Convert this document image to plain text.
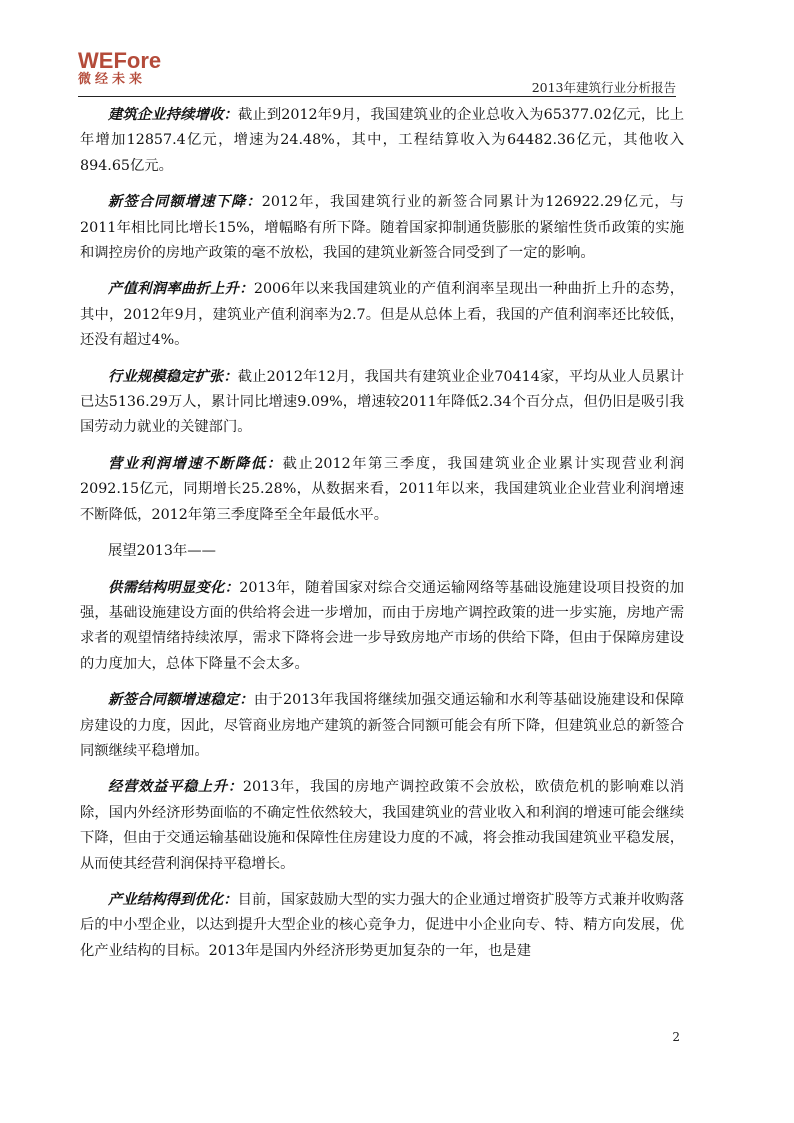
WEFore
微经未来
2013年建筑行业分析报告

建筑企业持续增收：截止到2012年9月，我国建筑业的企业总收入为65377.02亿元，比上年增加12857.4亿元，增速为24.48%，其中，工程结算收入为64482.36亿元，其他收入894.65亿元。

新签合同额增速下降：2012年，我国建筑行业的新签合同累计为126922.29亿元，与2011年相比同比增长15%，增幅略有所下降。随着国家抑制通货膨胀的紧缩性货币政策的实施和调控房价的房地产政策的毫不放松，我国的建筑业新签合同受到了一定的影响。

产值利润率曲折上升：2006年以来我国建筑业的产值利润率呈现出一种曲折上升的态势，其中，2012年9月，建筑业产值利润率为2.7。但是从总体上看，我国的产值利润率还比较低，还没有超过4%。

行业规模稳定扩张：截止2012年12月，我国共有建筑业企业70414家，平均从业人员累计已达5136.29万人，累计同比增速9.09%，增速较2011年降低2.34个百分点，但仍旧是吸引我国劳动力就业的关键部门。

营业利润增速不断降低：截止2012年第三季度，我国建筑业企业累计实现营业利润2092.15亿元，同期增长25.28%，从数据来看，2011年以来，我国建筑业企业营业利润增速不断降低，2012年第三季度降至全年最低水平。

展望2013年——

供需结构明显变化：2013年，随着国家对综合交通运输网络等基础设施建设项目投资的加强，基础设施建设方面的供给将会进一步增加，而由于房地产调控政策的进一步实施，房地产需求者的观望情绪持续浓厚，需求下降将会进一步导致房地产市场的供给下降，但由于保障房建设的力度加大，总体下降量不会太多。

新签合同额增速稳定：由于2013年我国将继续加强交通运输和水利等基础设施建设和保障房建设的力度，因此，尽管商业房地产建筑的新签合同额可能会有所下降，但建筑业总的新签合同额继续平稳增加。

经营效益平稳上升：2013年，我国的房地产调控政策不会放松，欧债危机的影响难以消除，国内外经济形势面临的不确定性依然较大，我国建筑业的营业收入和利润的增速可能会继续下降，但由于交通运输基础设施和保障性住房建设力度的不减，将会推动我国建筑业平稳发展，从而使其经营利润保持平稳增长。

产业结构得到优化：目前，国家鼓励大型的实力强大的企业通过增资扩股等方式兼并收购落后的中小型企业，以达到提升大型企业的核心竞争力，促进中小企业向专、特、精方向发展，优化产业结构的目标。2013年是国内外经济形势更加复杂的一年，也是建

2
